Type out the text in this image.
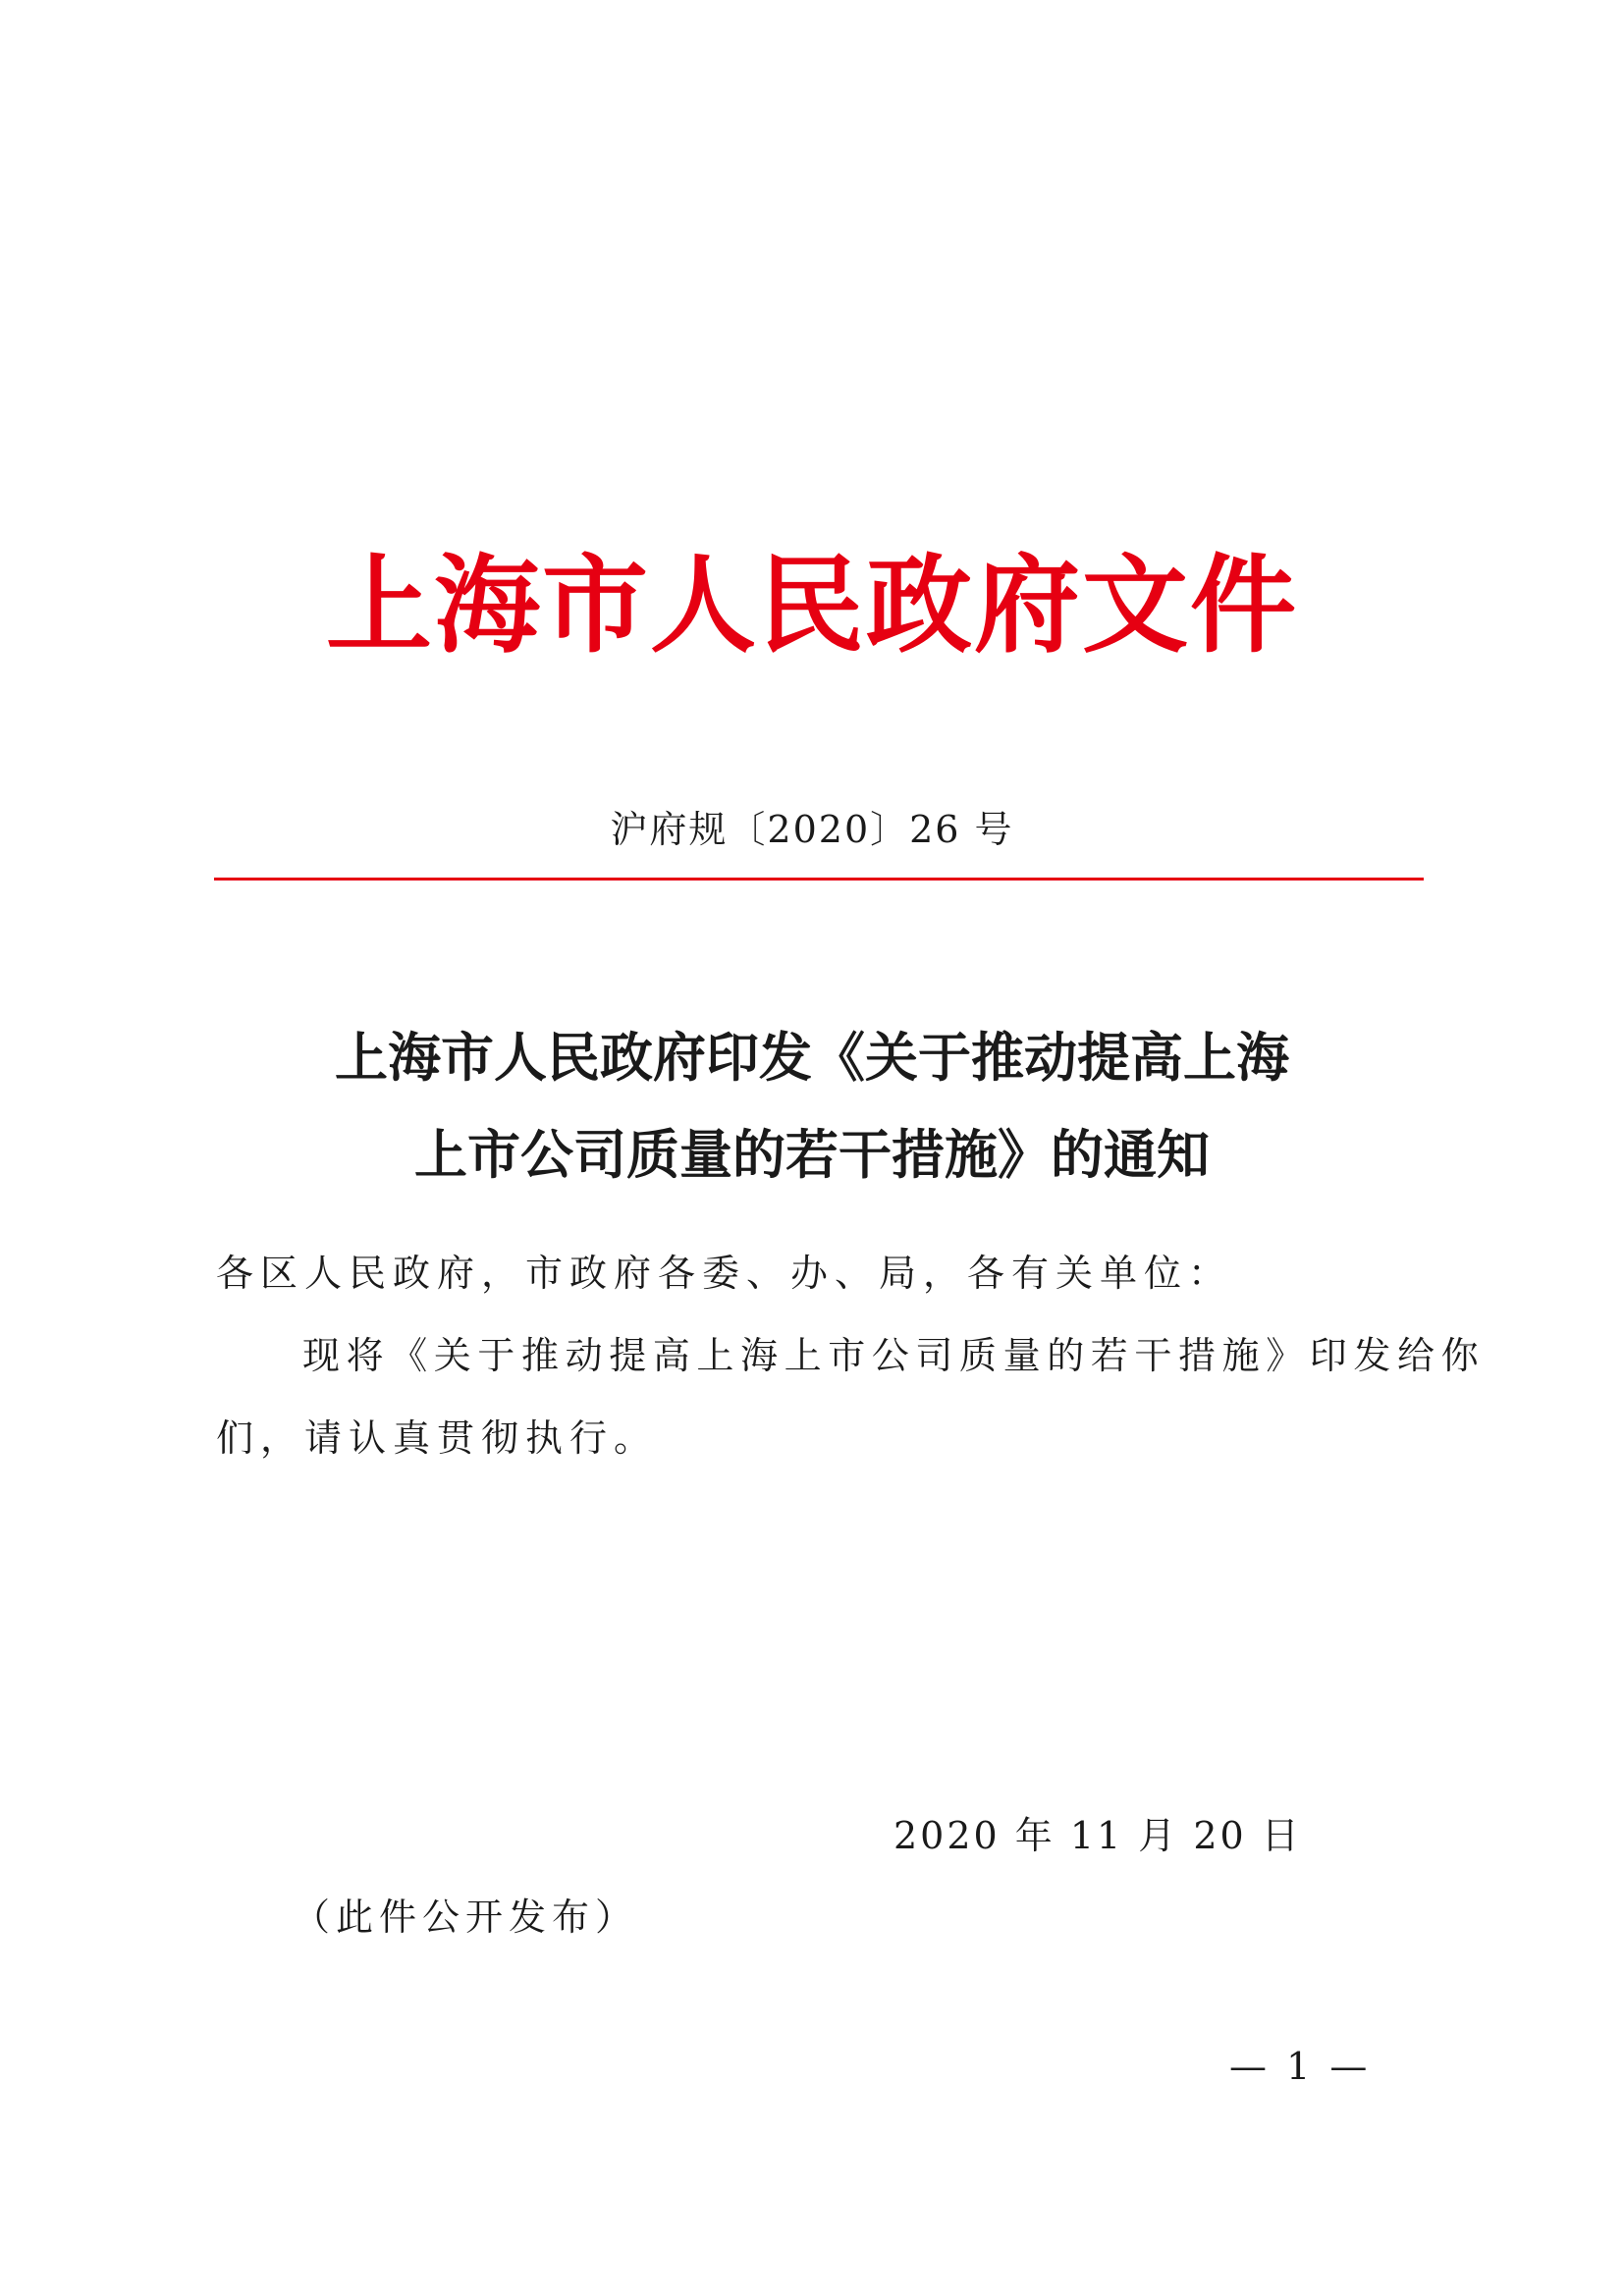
上海市人民政府文件
沪府规〔2020〕26 号
上海市人民政府印发《关于推动提高上海
上市公司质量的若干措施》的通知
各区人民政府，市政府各委、办、局，各有关单位：
现将《关于推动提高上海上市公司质量的若干措施》印发给你
们，请认真贯彻执行。
2020 年 11 月 20 日
（此件公开发布）
— 1 —
